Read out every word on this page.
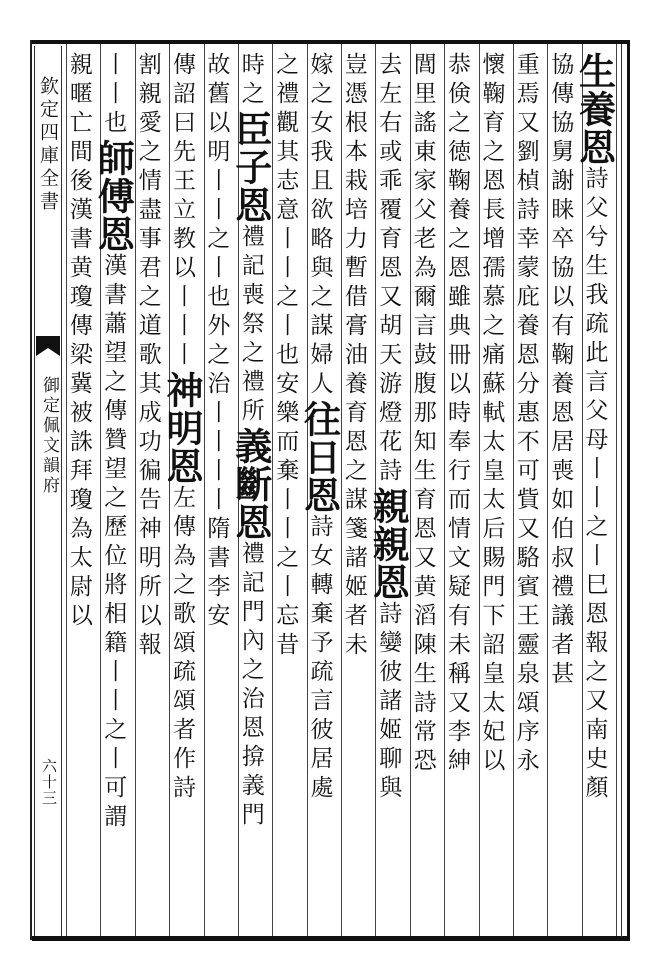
欽定四庫全書
御定佩文韻府
六十三
生養恩詩父兮生我疏此言父母丨丨之丨巳恩報之又南史顏
協傳協舅謝睐卒協以有鞠養恩居喪如伯叔禮議者甚
重焉又劉楨詩幸蒙庇養恩分惠不可貲又駱賓王靈泉頌序永
懷鞠育之恩長增孺慕之痛蘇軾太皇太后賜門下詔皇太妃以
恭倹之徳鞠養之恩雖典冊以時奉行而情文疑有未稱又李紳
閭里謠東家父老為爾言鼓腹那知生育恩又黄滔陳生詩常恐
去左右或乖覆育恩又胡天游燈花詩親親恩詩孌彼諸姬聊與
豈憑根本栽培力暫借膏油養育恩之謀箋諸姬者未
嫁之女我且欲略與之謀婦人往日恩詩女轉棄予疏言彼居處
之禮觀其志意丨丨之丨也安樂而棄丨丨之丨忘昔
時之臣子恩禮記喪祭之禮所義斷恩禮記門內之治恩揜義門
故舊以明丨丨之丨也外之治丨丨丨丨隋書李安
傳詔曰先王立教以丨丨丨神明恩左傳為之歌頌疏頌者作詩
割親愛之情盡事君之道歌其成功徧告神明所以報
丨丨也師傅恩漢書蕭望之傳贊望之歷位將相籍丨丨之丨可謂
親暱亡間後漢書黄瓊傳梁冀被誅拜瓊為太尉以
